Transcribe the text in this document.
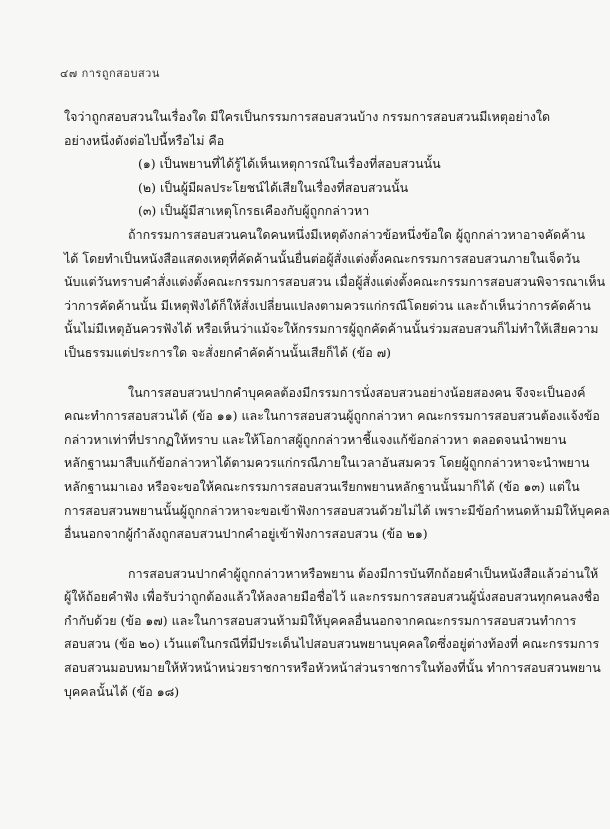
๔๗ การถูกสอบสวน
ใจว่าถูกสอบสวนในเรื่องใด มีใครเป็นกรรมการสอบสวนบ้าง กรรมการสอบสวนมีเหตุอย่างใด
อย่างหนึ่งดังต่อไปนี้หรือไม่ คือ
(๑) เป็นพยานที่ได้รู้ได้เห็นเหตุการณ์ในเรื่องที่สอบสวนนั้น
(๒) เป็นผู้มีผลประโยชน์ได้เสียในเรื่องที่สอบสวนนั้น
(๓) เป็นผู้มีสาเหตุโกรธเคืองกับผู้ถูกกล่าวหา
ถ้ากรรมการสอบสวนคนใดคนหนึ่งมีเหตุดังกล่าวข้อหนึ่งข้อใด ผู้ถูกกล่าวหาอาจคัดค้าน
ได้ โดยทำเป็นหนังสือแสดงเหตุที่คัดค้านนั้นยื่นต่อผู้สั่งแต่งตั้งคณะกรรมการสอบสวนภายในเจ็ดวัน
นับแต่วันทราบคำสั่งแต่งตั้งคณะกรรมการสอบสวน เมื่อผู้สั่งแต่งตั้งคณะกรรมการสอบสวนพิจารณาเห็น
ว่าการคัดค้านนั้น มีเหตุฟังได้ก็ให้สั่งเปลี่ยนแปลงตามควรแก่กรณีโดยด่วน และถ้าเห็นว่าการคัดค้าน
นั้นไม่มีเหตุอันควรฟังได้ หรือเห็นว่าแม้จะให้กรรมการผู้ถูกคัดค้านนั้นร่วมสอบสวนก็ไม่ทำให้เสียความ
เป็นธรรมแต่ประการใด จะสั่งยกคำคัดค้านนั้นเสียก็ได้ (ข้อ ๗)
ในการสอบสวนปากคำบุคคลต้องมีกรรมการนั่งสอบสวนอย่างน้อยสองคน จึงจะเป็นองค์
คณะทำการสอบสวนได้ (ข้อ ๑๑) และในการสอบสวนผู้ถูกกล่าวหา คณะกรรมการสอบสวนต้องแจ้งข้อ
กล่าวหาเท่าที่ปรากฏให้ทราบ และให้โอกาสผู้ถูกกล่าวหาชี้แจงแก้ข้อกล่าวหา ตลอดจนนำพยาน
หลักฐานมาสืบแก้ข้อกล่าวหาได้ตามควรแก่กรณีภายในเวลาอันสมควร โดยผู้ถูกกล่าวหาจะนำพยาน
หลักฐานมาเอง หรือจะขอให้คณะกรรมการสอบสวนเรียกพยานหลักฐานนั้นมาก็ได้ (ข้อ ๑๓) แต่ใน
การสอบสวนพยานนั้นผู้ถูกกล่าวหาจะขอเข้าฟังการสอบสวนด้วยไม่ได้ เพราะมีข้อกำหนดห้ามมิให้บุคคล
อื่นนอกจากผู้กำลังถูกสอบสวนปากคำอยู่เข้าฟังการสอบสวน (ข้อ ๒๑)
การสอบสวนปากคำผู้ถูกกล่าวหาหรือพยาน ต้องมีการบันทึกถ้อยคำเป็นหนังสือแล้วอ่านให้
ผู้ให้ถ้อยคำฟัง เพื่อรับว่าถูกต้องแล้วให้ลงลายมือชื่อไว้ และกรรมการสอบสวนผู้นั่งสอบสวนทุกคนลงชื่อ
กำกับด้วย (ข้อ ๑๗) และในการสอบสวนห้ามมิให้บุคคลอื่นนอกจากคณะกรรมการสอบสวนทำการ
สอบสวน (ข้อ ๒๐) เว้นแต่ในกรณีที่มีประเด็นไปสอบสวนพยานบุคคลใดซึ่งอยู่ต่างท้องที่ คณะกรรมการ
สอบสวนมอบหมายให้หัวหน้าหน่วยราชการหรือหัวหน้าส่วนราชการในท้องที่นั้น ทำการสอบสวนพยาน
บุคคลนั้นได้ (ข้อ ๑๘)
